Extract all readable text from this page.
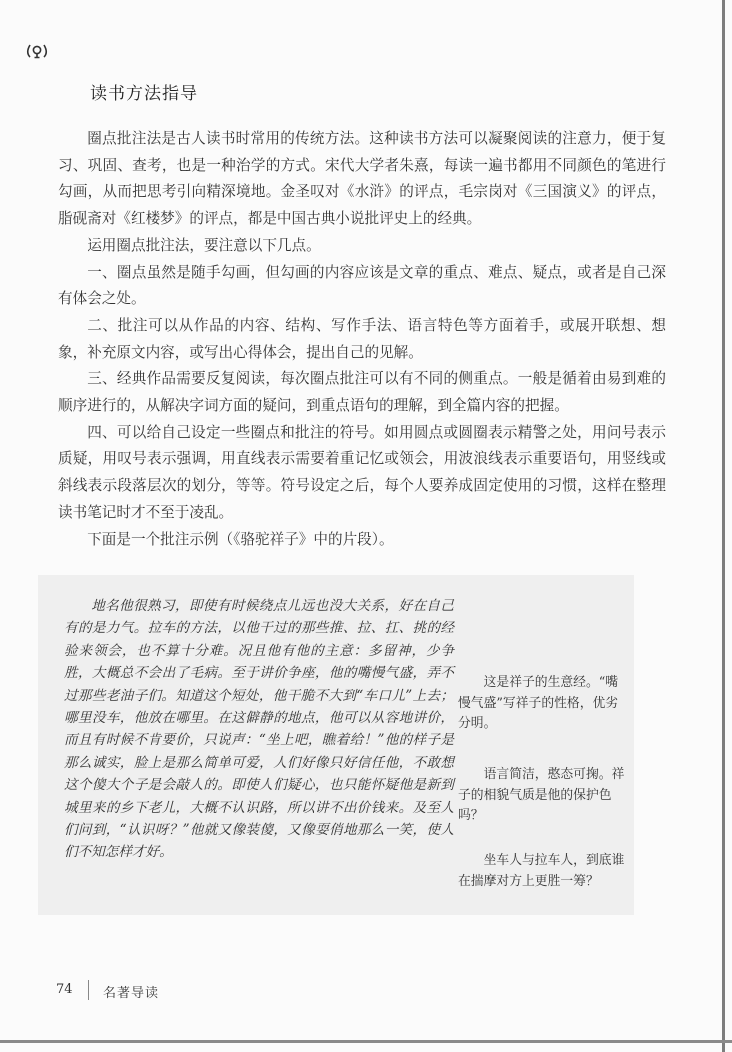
读书方法指导

圈点批注法是古人读书时常用的传统方法。这种读书方法可以凝聚阅读的注意力，便于复习、巩固、查考，也是一种治学的方式。宋代大学者朱熹，每读一遍书都用不同颜色的笔进行勾画，从而把思考引向精深境地。金圣叹对《水浒》的评点，毛宗岗对《三国演义》的评点，脂砚斋对《红楼梦》的评点，都是中国古典小说批评史上的经典。

运用圈点批注法，要注意以下几点。

一、圈点虽然是随手勾画，但勾画的内容应该是文章的重点、难点、疑点，或者是自己深有体会之处。

二、批注可以从作品的内容、结构、写作手法、语言特色等方面着手，或展开联想、想象，补充原文内容，或写出心得体会，提出自己的见解。

三、经典作品需要反复阅读，每次圈点批注可以有不同的侧重点。一般是循着由易到难的顺序进行的，从解决字词方面的疑问，到重点语句的理解，到全篇内容的把握。

四、可以给自己设定一些圈点和批注的符号。如用圆点或圆圈表示精警之处，用问号表示质疑，用叹号表示强调，用直线表示需要着重记忆或领会，用波浪线表示重要语句，用竖线或斜线表示段落层次的划分，等等。符号设定之后，每个人要养成固定使用的习惯，这样在整理读书笔记时才不至于凌乱。

下面是一个批注示例（《骆驼祥子》中的片段）。

地名他很熟习，即使有时候绕点儿远也没大关系，好在自己有的是力气。拉车的方法，以他干过的那些推、拉、扛、挑的经验来领会，也不算十分难。况且他有他的主意：多留神，少争胜，大概总不会出了毛病。至于讲价争座，他的嘴慢气盛，弄不过那些老油子们。知道这个短处，他干脆不大到“车口儿”上去；哪里没车，他放在哪里。在这僻静的地点，他可以从容地讲价，而且有时候不肯要价，只说声：“坐上吧，瞧着给！”他的样子是那么诚实，脸上是那么简单可爱，人们好像只好信任他，不敢想这个傻大个子是会敲人的。即使人们疑心，也只能怀疑他是新到城里来的乡下老儿，大概不认识路，所以讲不出价钱来。及至人们问到，“认识呀？”他就又像装傻，又像耍俏地那么一笑，使人们不知怎样才好。

这是祥子的生意经。“嘴慢气盛”写祥子的性格，优劣分明。
语言简洁，憨态可掬。祥子的相貌气质是他的保护色吗？
坐车人与拉车人，到底谁在揣摩对方上更胜一筹？
74 名著导读
